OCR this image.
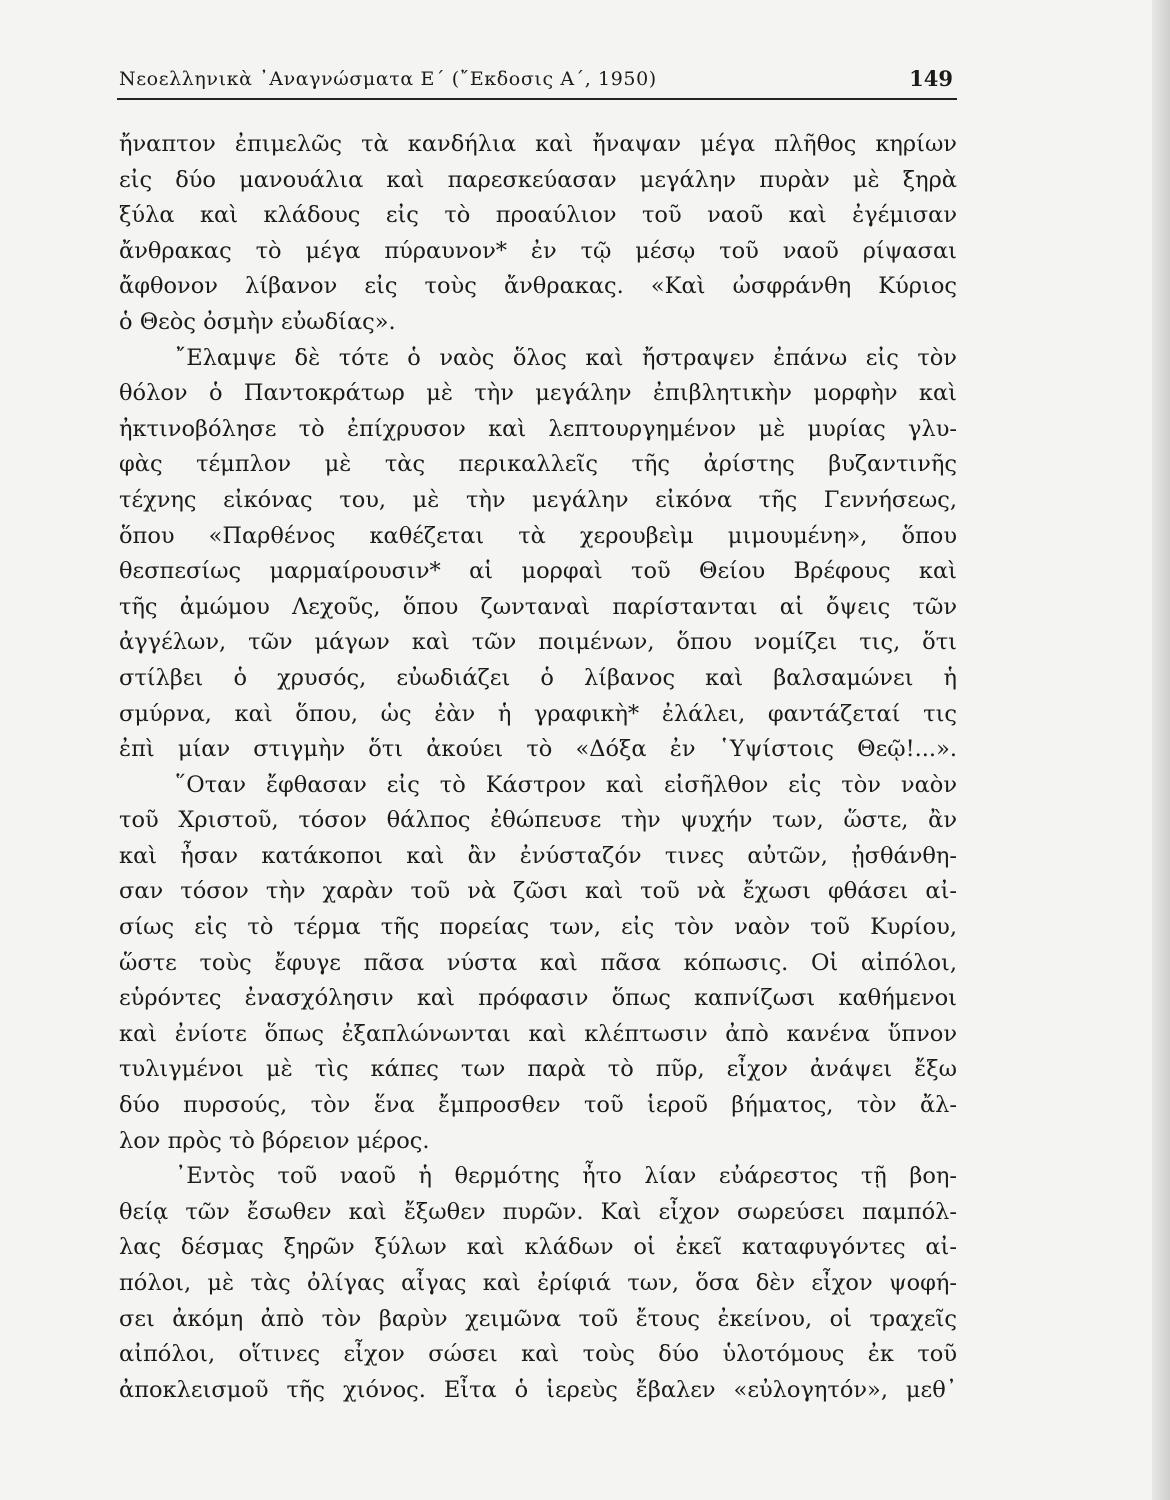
Νεοελληνικὰ ᾿Αναγνώσματα Ε΄ (῎Εκδοσις Α΄, 1950)	149
ἤναπτον ἐπιμελῶς τὰ κανδήλια καὶ ἤναψαν μέγα πλῆθος κηρίων
εἰς δύο μανουάλια καὶ παρεσκεύασαν μεγάλην πυρὰν μὲ ξηρὰ
ξύλα καὶ κλάδους εἰς τὸ προαύλιον τοῦ ναοῦ καὶ ἐγέμισαν
ἄνθρακας τὸ μέγα πύραυνον* ἐν τῷ μέσῳ τοῦ ναοῦ ρίψασαι
ἄφθονον λίβανον εἰς τοὺς ἄνθρακας. «Καὶ ὠσφράνθη Κύριος
ὁ Θεὸς ὀσμὴν εὐωδίας».
῎Ελαμψε δὲ τότε ὁ ναὸς ὅλος καὶ ἤστραψεν ἐπάνω εἰς τὸν
θόλον ὁ Παντοκράτωρ μὲ τὴν μεγάλην ἐπιβλητικὴν μορφὴν καὶ
ἠκτινοβόλησε τὸ ἐπίχρυσον καὶ λεπτουργημένον μὲ μυρίας γλυ-
φὰς τέμπλον μὲ τὰς περικαλλεῖς τῆς ἀρίστης βυζαντινῆς
τέχνης εἰκόνας του, μὲ τὴν μεγάλην εἰκόνα τῆς Γεννήσεως,
ὅπου «Παρθένος καθέζεται τὰ χερουβεὶμ μιμουμένη», ὅπου
θεσπεσίως μαρμαίρουσιν* αἱ μορφαὶ τοῦ Θείου Βρέφους καὶ
τῆς ἀμώμου Λεχοῦς, ὅπου ζωνταναὶ παρίστανται αἱ ὄψεις τῶν
ἀγγέλων, τῶν μάγων καὶ τῶν ποιμένων, ὅπου νομίζει τις, ὅτι
στίλβει ὁ χρυσός, εὐωδιάζει ὁ λίβανος καὶ βαλσαμώνει ἡ
σμύρνα, καὶ ὅπου, ὡς ἐὰν ἡ γραφικὴ* ἐλάλει, φαντάζεταί τις
ἐπὶ μίαν στιγμὴν ὅτι ἀκούει τὸ «Δόξα ἐν ῾Υψίστοις Θεῷ!...».
῞Οταν ἔφθασαν εἰς τὸ Κάστρον καὶ εἰσῆλθον εἰς τὸν ναὸν
τοῦ Χριστοῦ, τόσον θάλπος ἐθώπευσε τὴν ψυχήν των, ὥστε, ἂν
καὶ ἦσαν κατάκοποι καὶ ἂν ἐνύσταζόν τινες αὐτῶν, ᾐσθάνθη-
σαν τόσον τὴν χαρὰν τοῦ νὰ ζῶσι καὶ τοῦ νὰ ἔχωσι φθάσει αἰ-
σίως εἰς τὸ τέρμα τῆς πορείας των, εἰς τὸν ναὸν τοῦ Κυρίου,
ὥστε τοὺς ἔφυγε πᾶσα νύστα καὶ πᾶσα κόπωσις. Οἱ αἰπόλοι,
εὑρόντες ἐνασχόλησιν καὶ πρόφασιν ὅπως καπνίζωσι καθήμενοι
καὶ ἐνίοτε ὅπως ἐξαπλώνωνται καὶ κλέπτωσιν ἀπὸ κανένα ὕπνον
τυλιγμένοι μὲ τὶς κάπες των παρὰ τὸ πῦρ, εἶχον ἀνάψει ἔξω
δύο πυρσούς, τὸν ἕνα ἔμπροσθεν τοῦ ἱεροῦ βήματος, τὸν ἄλ-
λον πρὸς τὸ βόρειον μέρος.
᾿Εντὸς τοῦ ναοῦ ἡ θερμότης ἦτο λίαν εὐάρεστος τῇ βοη-
θείᾳ τῶν ἔσωθεν καὶ ἔξωθεν πυρῶν. Καὶ εἶχον σωρεύσει παμπόλ-
λας δέσμας ξηρῶν ξύλων καὶ κλάδων οἱ ἐκεῖ καταφυγόντες αἰ-
πόλοι, μὲ τὰς ὀλίγας αἶγας καὶ ἐρίφιά των, ὅσα δὲν εἶχον ψοφή-
σει ἀκόμη ἀπὸ τὸν βαρὺν χειμῶνα τοῦ ἔτους ἐκείνου, οἱ τραχεῖς
αἰπόλοι, οἵτινες εἶχον σώσει καὶ τοὺς δύο ὑλοτόμους ἐκ τοῦ
ἀποκλεισμοῦ τῆς χιόνος. Εἶτα ὁ ἱερεὺς ἔβαλεν «εὐλογητόν», μεθ᾿
